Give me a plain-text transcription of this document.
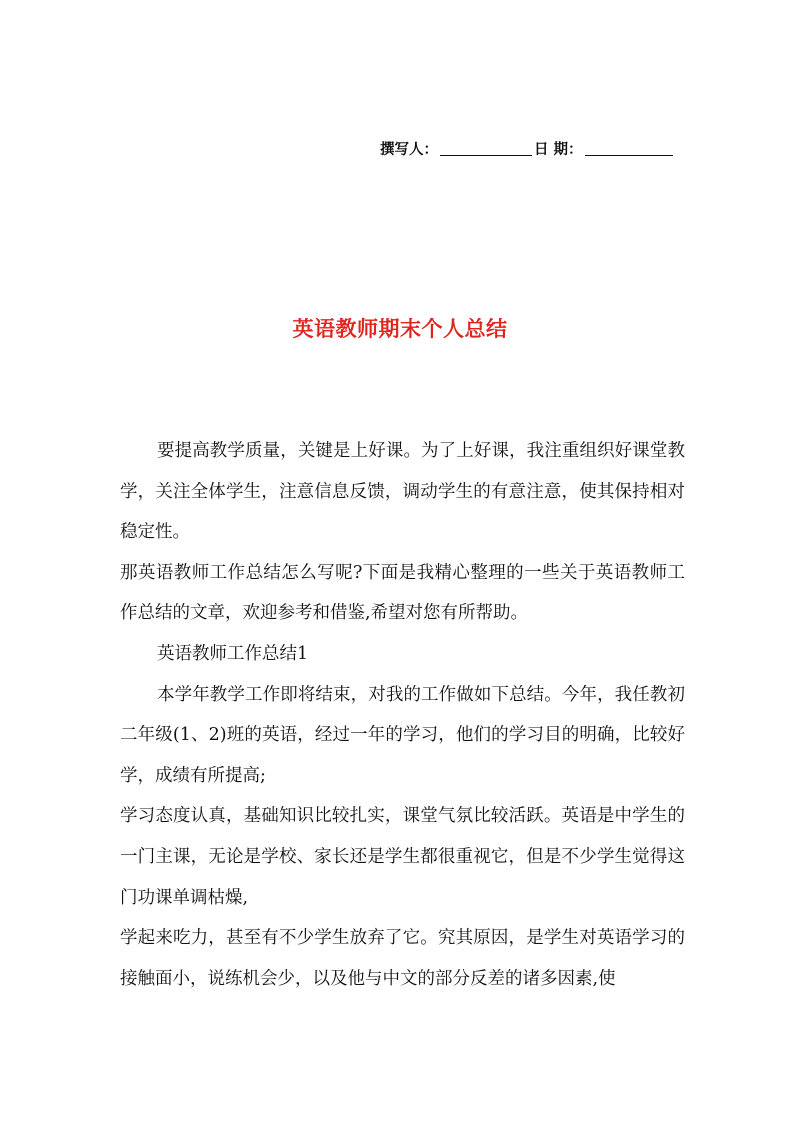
撰写人：	日 期：
英语教师期末个人总结

要提高教学质量，关键是上好课。为了上好课，我注重组织好课堂教学，关注全体学生，注意信息反馈，调动学生的有意注意，使其保持相对稳定性。

那英语教师工作总结怎么写呢?下面是我精心整理的一些关于英语教师工作总结的文章，欢迎参考和借鉴,希望对您有所帮助。

英语教师工作总结1

本学年教学工作即将结束，对我的工作做如下总结。今年，我任教初二年级(1、2)班的英语，经过一年的学习，他们的学习目的明确，比较好学，成绩有所提高;

学习态度认真，基础知识比较扎实，课堂气氛比较活跃。英语是中学生的一门主课，无论是学校、家长还是学生都很重视它，但是不少学生觉得这门功课单调枯燥,

学起来吃力，甚至有不少学生放弃了它。究其原因，是学生对英语学习的接触面小，说练机会少，以及他与中文的部分反差的诸多因素,使
